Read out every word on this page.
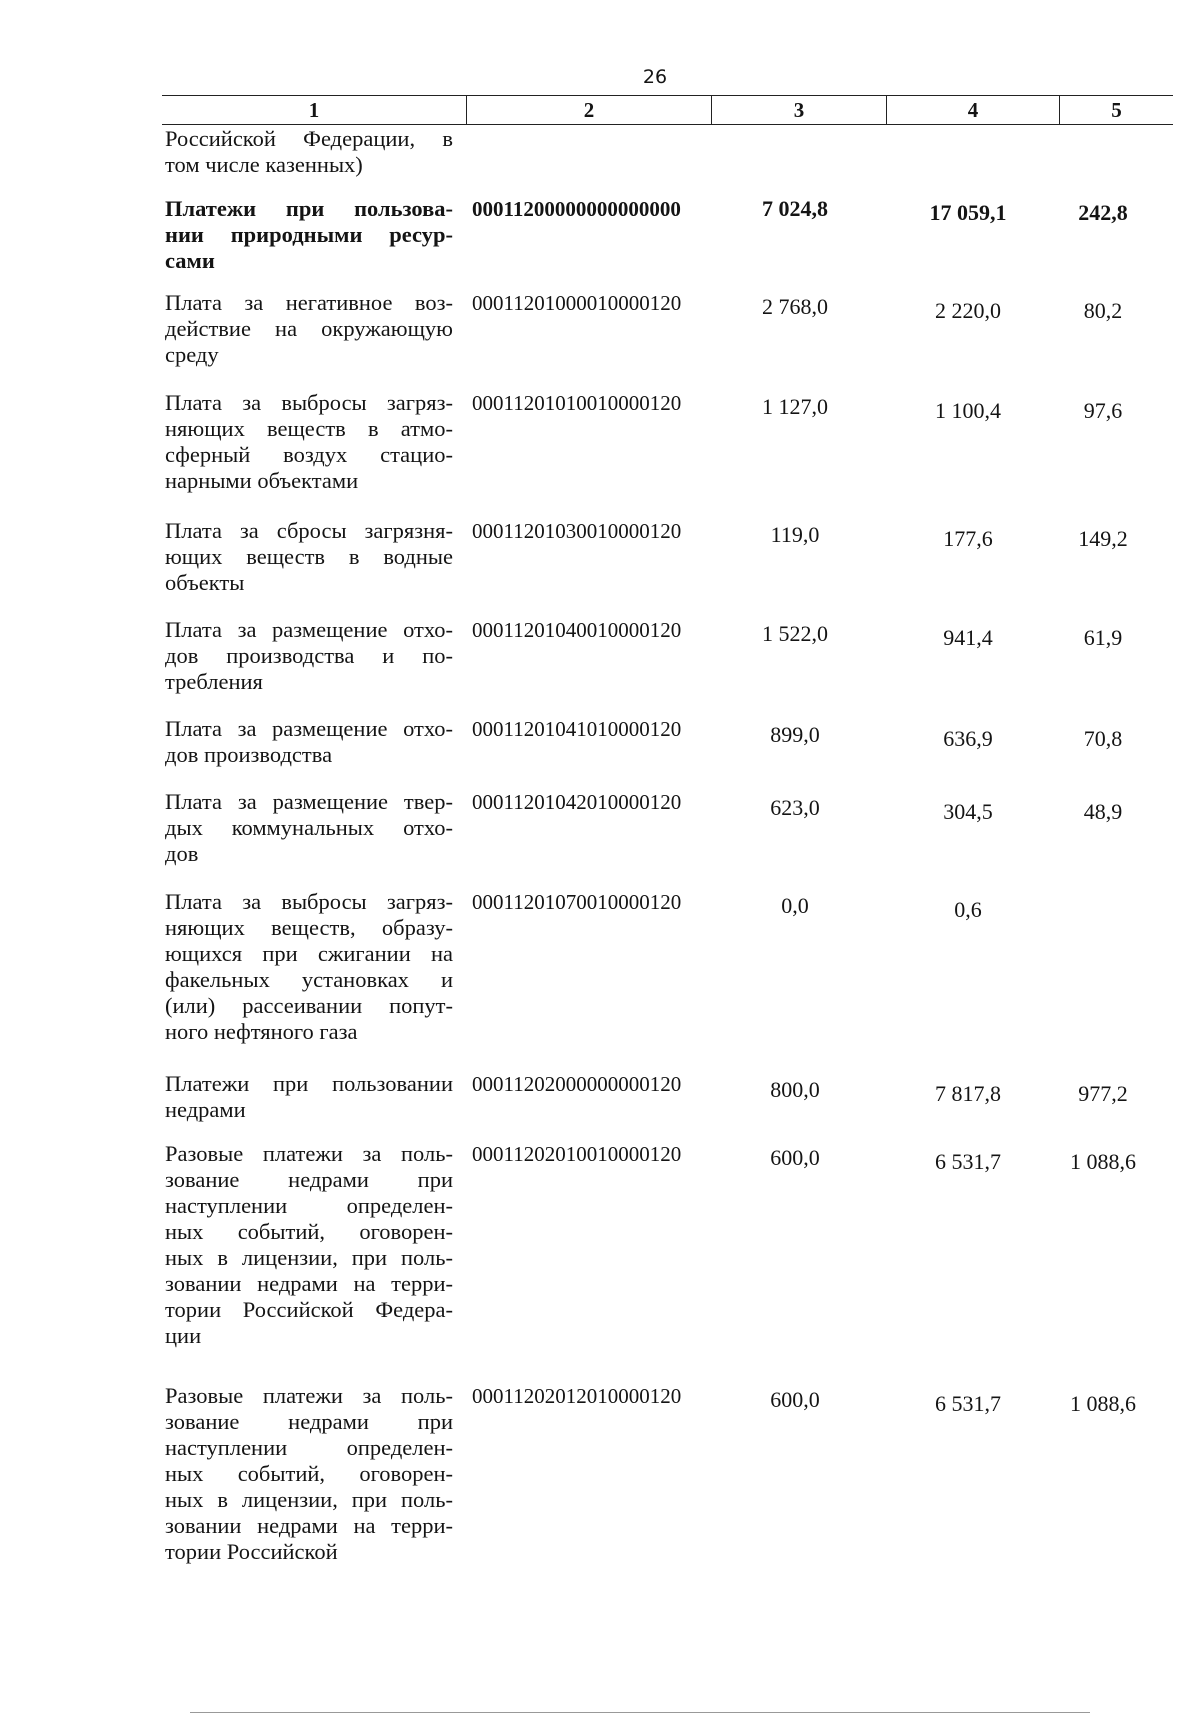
26
1	2	3	4	5
Российской Федерации, в
том числе казенных)
Платежи при пользова-
нии природными ресур-
сами
00011200000000000000	7 024,8	17 059,1	242,8
Плата за негативное воз-
действие на окружающую
среду
00011201000010000120	2 768,0	2 220,0	80,2
Плата за выбросы загряз-
няющих веществ в атмо-
сферный воздух стацио-
нарными объектами
00011201010010000120	1 127,0	1 100,4	97,6
Плата за сбросы загрязня-
ющих веществ в водные
объекты
00011201030010000120	119,0	177,6	149,2
Плата за размещение отхо-
дов производства и по-
требления
00011201040010000120	1 522,0	941,4	61,9
Плата за размещение отхо-
дов производства
00011201041010000120	899,0	636,9	70,8
Плата за размещение твер-
дых коммунальных отхо-
дов
00011201042010000120	623,0	304,5	48,9
Плата за выбросы загряз-
няющих веществ, образу-
ющихся при сжигании на
факельных установках и
(или) рассеивании попут-
ного нефтяного газа
00011201070010000120	0,0	0,6
Платежи при пользовании
недрами
00011202000000000120	800,0	7 817,8	977,2
Разовые платежи за поль-
зование недрами при
наступлении определен-
ных событий, оговорен-
ных в лицензии, при поль-
зовании недрами на терри-
тории Российской Федера-
ции
00011202010010000120	600,0	6 531,7	1 088,6
Разовые платежи за поль-
зование недрами при
наступлении определен-
ных событий, оговорен-
ных в лицензии, при поль-
зовании недрами на терри-
тории Российской
00011202012010000120	600,0	6 531,7	1 088,6
